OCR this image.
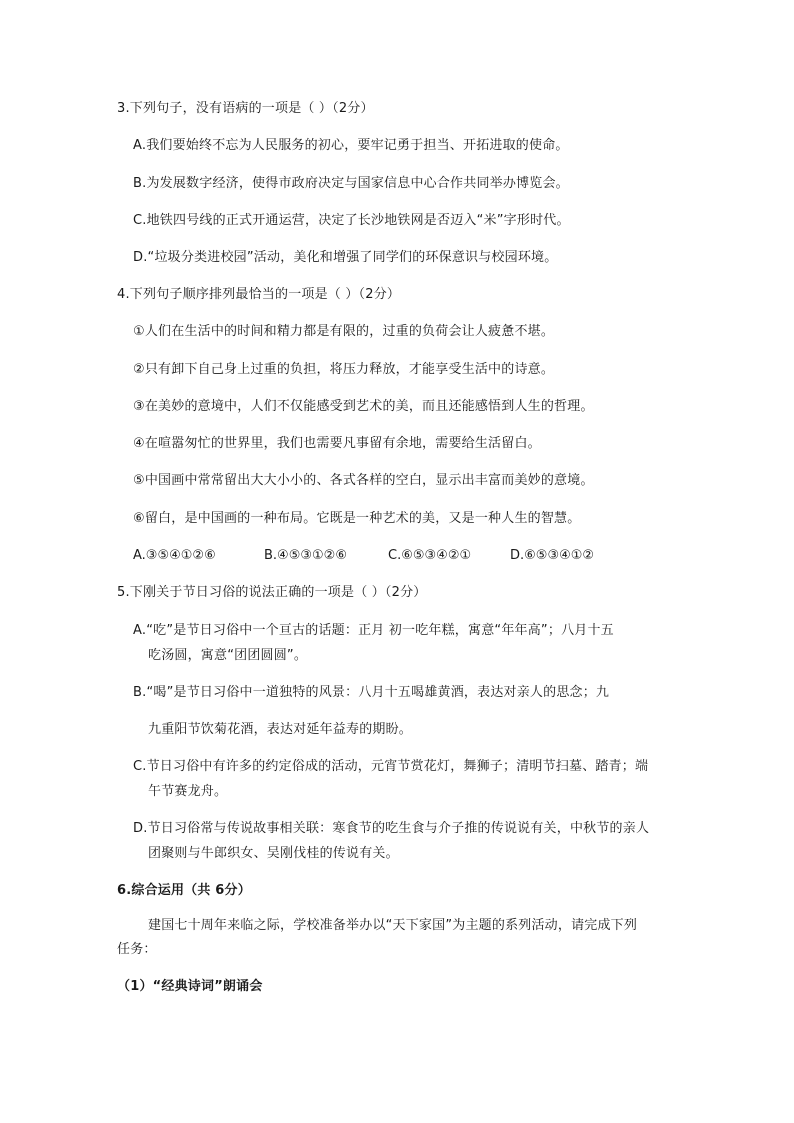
3.下列句子，没有语病的一项是（ ）（2分）
A.我们要始终不忘为人民服务的初心，要牢记勇于担当、开拓进取的使命。
B.为发展数字经济，使得市政府决定与国家信息中心合作共同举办博览会。
C.地铁四号线的正式开通运营，决定了长沙地铁网是否迈入“米”字形时代。
D.“垃圾分类进校园”活动，美化和增强了同学们的环保意识与校园环境。
4.下列句子顺序排列最恰当的一项是（ ）（2分）
①人们在生活中的时间和精力都是有限的，过重的负荷会让人疲惫不堪。
②只有卸下自己身上过重的负担，将压力释放，才能享受生活中的诗意。
③在美妙的意境中，人们不仅能感受到艺术的美，而且还能感悟到人生的哲理。
④在喧嚣匆忙的世界里，我们也需要凡事留有余地，需要给生活留白。
⑤中国画中常常留出大大小小的、各式各样的空白，显示出丰富而美妙的意境。
⑥留白，是中国画的一种布局。它既是一种艺术的美，又是一种人生的智慧。
A.③⑤④①②⑥	B.④⑤③①②⑥	C.⑥⑤③④②①	D.⑥⑤③④①②
5.下刚关于节日习俗的说法正确的一项是（ ）（2分）
A.“吃”是节日习俗中一个亘古的话题：正月 初一吃年糕，寓意“年年高”；八月十五
吃汤圆，寓意“团团圆圆”。
B.“喝”是节日习俗中一道独特的风景：八月十五喝雄黄酒，表达对亲人的思念；九
九重阳节饮菊花酒，表达对延年益寿的期盼。
C.节日习俗中有许多的约定俗成的活动，元宵节赏花灯，舞狮子；清明节扫墓、踏青；端
午节赛龙舟。
D.节日习俗常与传说故事相关联：寒食节的吃生食与介子推的传说说有关，中秋节的亲人
团聚则与牛郎织女、吴刚伐桂的传说有关。
6.综合运用（共 6分）
建国七十周年来临之际，学校准备举办以“天下家国”为主题的系列活动，请完成下列
任务：
（1）“经典诗词”朗诵会
